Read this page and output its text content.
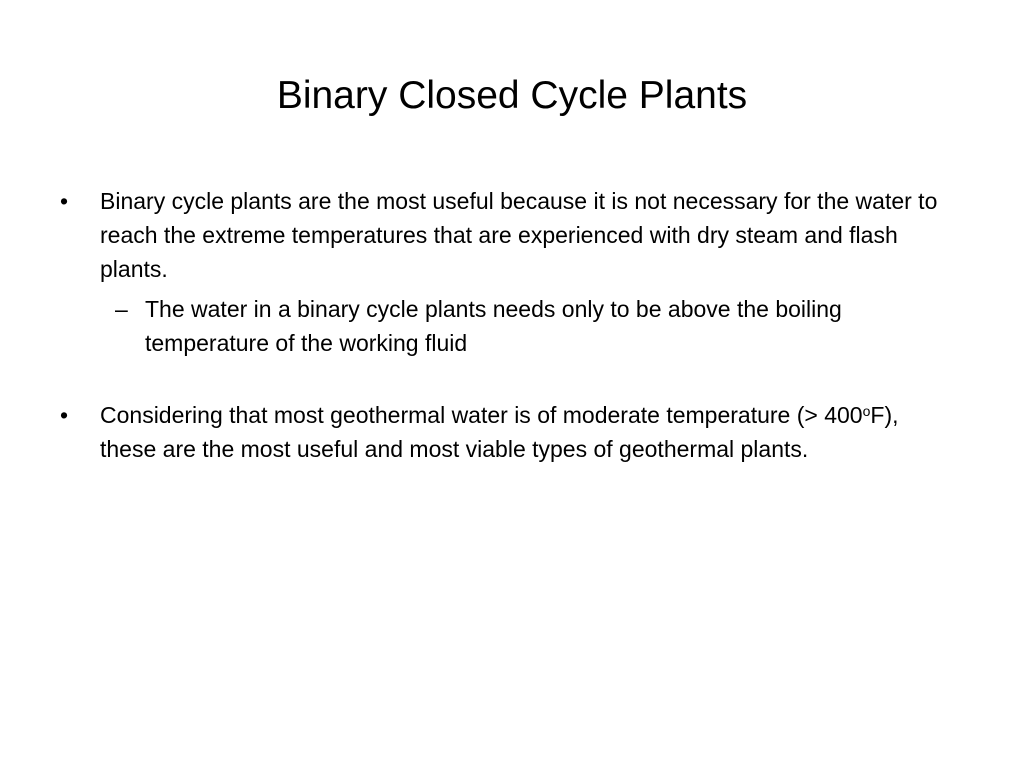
Binary Closed Cycle Plants
•	Binary cycle plants are the most useful because it is not necessary for the water to reach the extreme temperatures that are experienced with dry steam and flash plants.
– The water in a binary cycle plants needs only to be above the boiling temperature of the working fluid
•	Considering that most geothermal water is of moderate temperature (> $400^oF$), these are the most useful and most viable types of geothermal plants.
